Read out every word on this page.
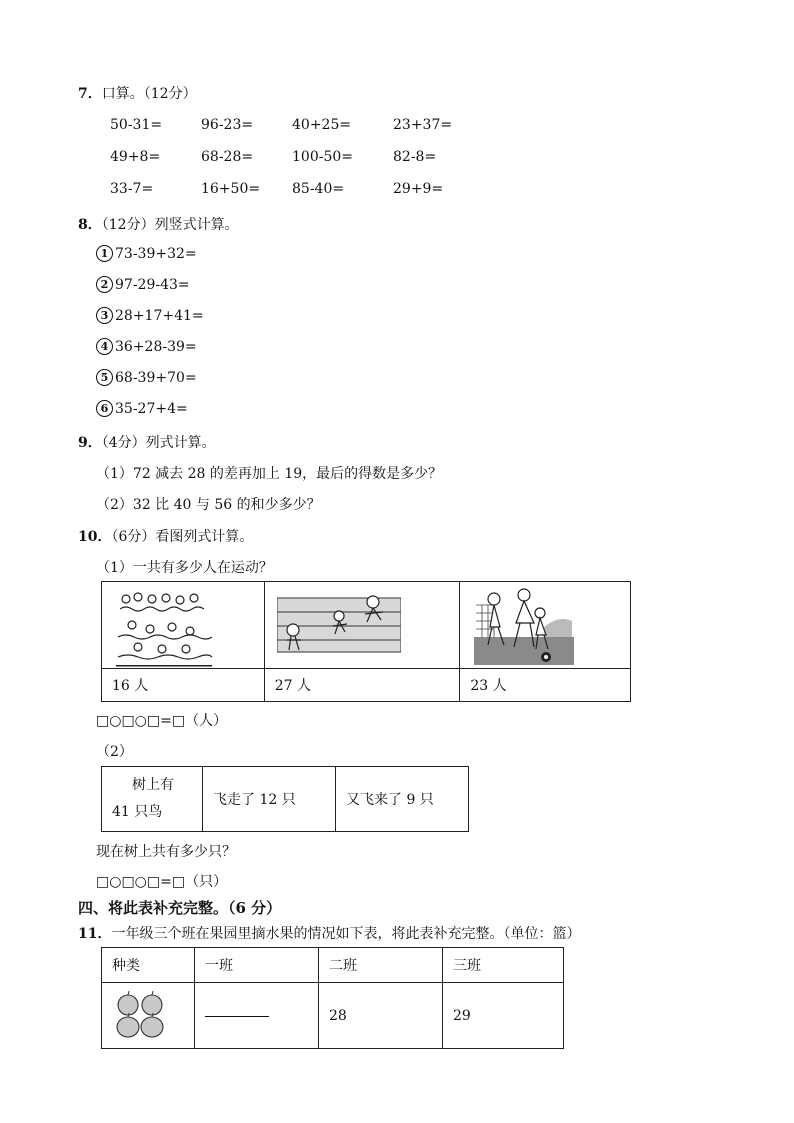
7．口算。（12分）
50-31=	96-23=	40+25=	23+37=
49+8=	68-28=	100-50=	82-8=
33-7=	16+50= 85-40=	29+9=
8．（12分）列竖式计算。
1 73-39+32=
2 97-29-43=
3 28+17+41=
4 36+28-39=
5 68-39+70=
6 35-27+4=
9．（4分）列式计算。
（1）72 减去 28 的差再加上 19，最后的得数是多少？
（2）32 比 40 与 56 的和少多少？
10．（6分）看图列式计算。
（1）一共有多少人在运动？

16 人	27 人	23 人
□○□○□=□（人）
（2）
树上有
41 只鸟
	飞走了 12 只	又飞来了 9 只
现在树上共有多少只？
□○□○□=□（只）
四、将此表补充完整。（6 分）
11．一年级三个班在果园里摘水果的情况如下表，将此表补充完整。（单位：篮）
种类	一班	二班	三班

		28	29
